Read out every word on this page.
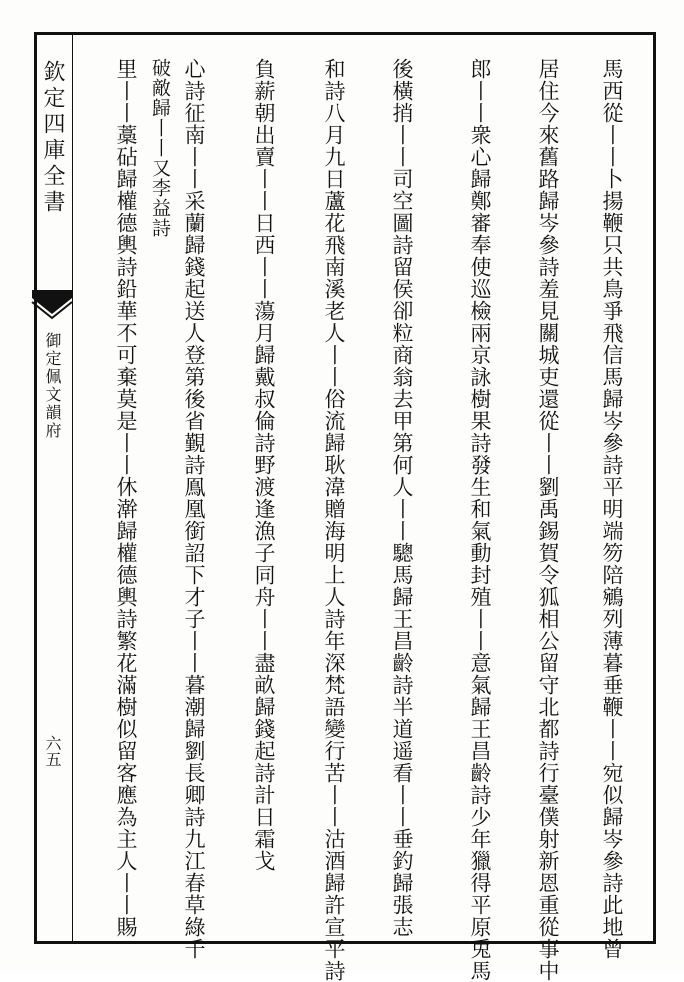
欽定四庫全書
御定佩文韻府
六五	馬西從丨丨卜揚鞭只共鳥爭飛信馬歸岑參詩平明端笏陪鵷列薄暮垂鞭丨丨宛似歸岑參詩此地曾
居住今來舊路歸岑參詩羞見關城吏還從丨丨劉禹錫賀令狐相公留守北都詩行臺僕射新恩重從事中
郎丨丨衆心歸鄭審奉使巡檢兩京詠樹果詩發生和氣動封殖丨丨意氣歸王昌齡詩少年獵得平原兎馬
後橫捎丨丨司空圖詩留侯卻粒商翁去甲第何人丨丨驄馬歸王昌齡詩半道遥看丨丨垂釣歸張志
和詩八月九日蘆花飛南溪老人丨丨俗流歸耿湋贈海明上人詩年深梵語變行苦丨丨沽酒歸許宣平詩
負薪朝出賣丨丨日西丨丨蕩月歸戴叔倫詩野渡逢漁子同舟丨丨盡畝歸錢起詩計日霜戈
心詩征南丨丨采蘭歸錢起送人登第後省覲詩鳯凰銜詔下才子丨丨暮潮歸劉長卿詩九江春草綠千
里丨丨藁砧歸權德輿詩鉛華不可棄莫是丨丨休澣歸權德輿詩繁花滿樹似留客應為主人丨丨賜 破敵歸丨丨又李益詩
